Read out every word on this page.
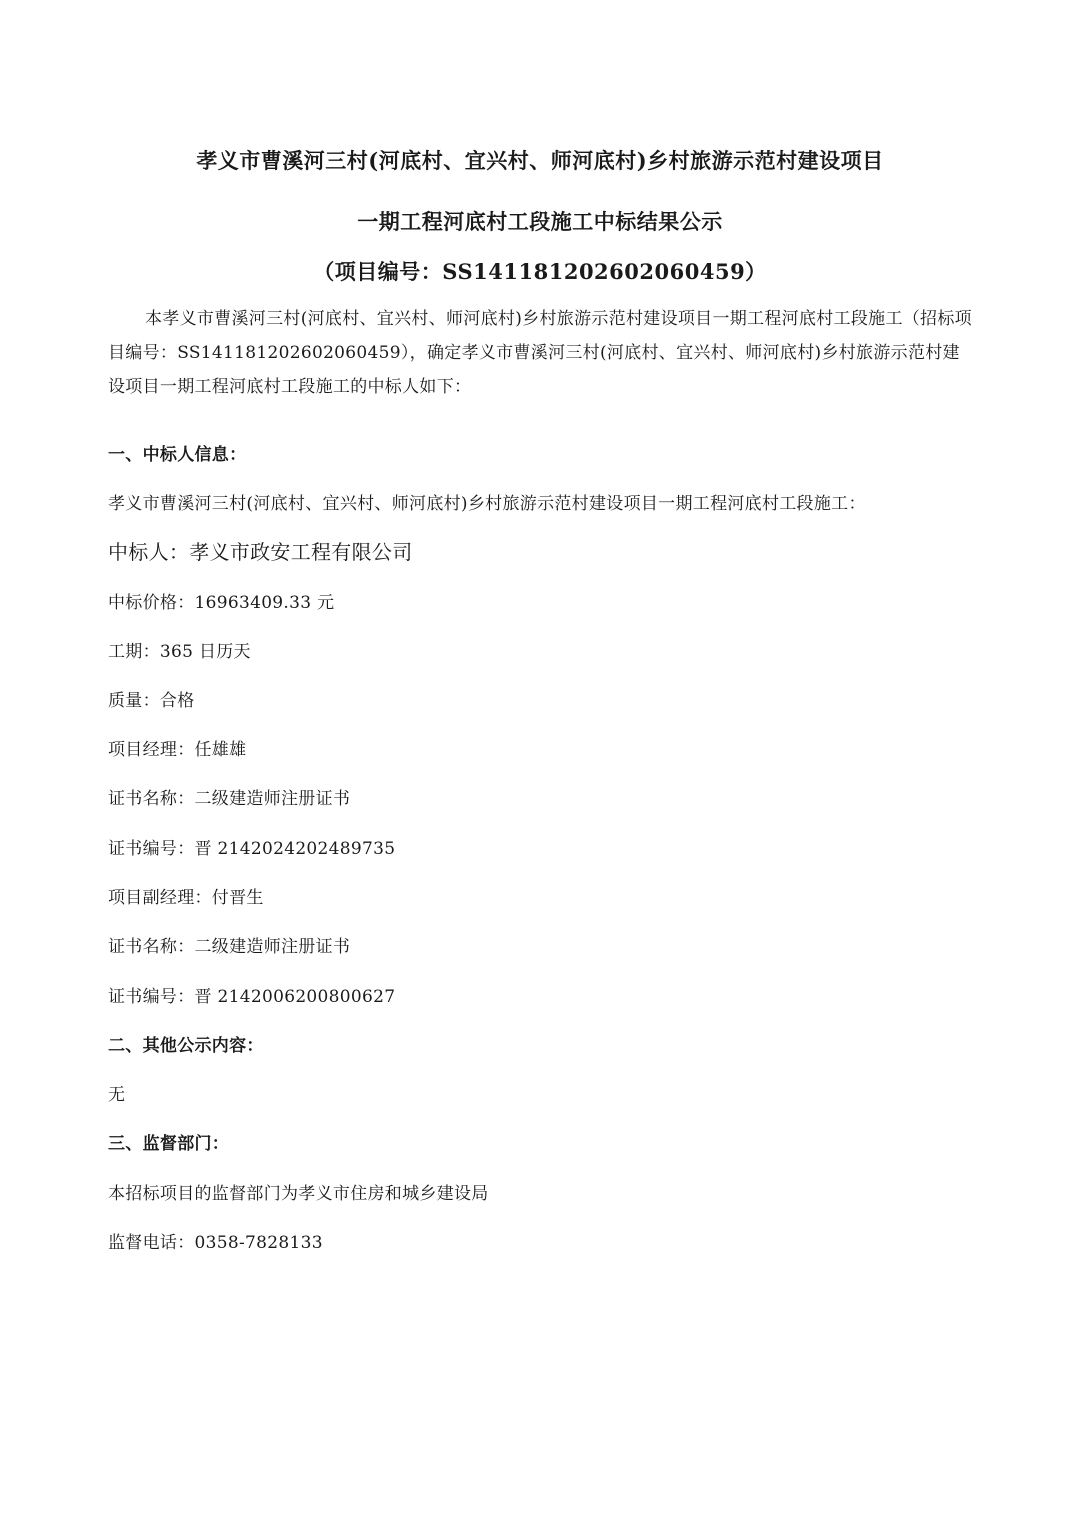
孝义市曹溪河三村(河底村、宜兴村、师河底村)乡村旅游示范村建设项目
一期工程河底村工段施工中标结果公示
（项目编号：SS141181202602060459）
本孝义市曹溪河三村(河底村、宜兴村、师河底村)乡村旅游示范村建设项目一期工程河底村工段施工（招标项目编号：SS141181202602060459），确定孝义市曹溪河三村(河底村、宜兴村、师河底村)乡村旅游示范村建设项目一期工程河底村工段施工的中标人如下：
一、中标人信息：
孝义市曹溪河三村(河底村、宜兴村、师河底村)乡村旅游示范村建设项目一期工程河底村工段施工：
中标人：孝义市政安工程有限公司
中标价格：16963409.33 元
工期：365 日历天
质量：合格
项目经理：任雄雄
证书名称：二级建造师注册证书
证书编号：晋 2142024202489735
项目副经理：付晋生
证书名称：二级建造师注册证书
证书编号：晋 2142006200800627
二、其他公示内容：
无
三、监督部门：
本招标项目的监督部门为孝义市住房和城乡建设局
监督电话：0358-7828133
